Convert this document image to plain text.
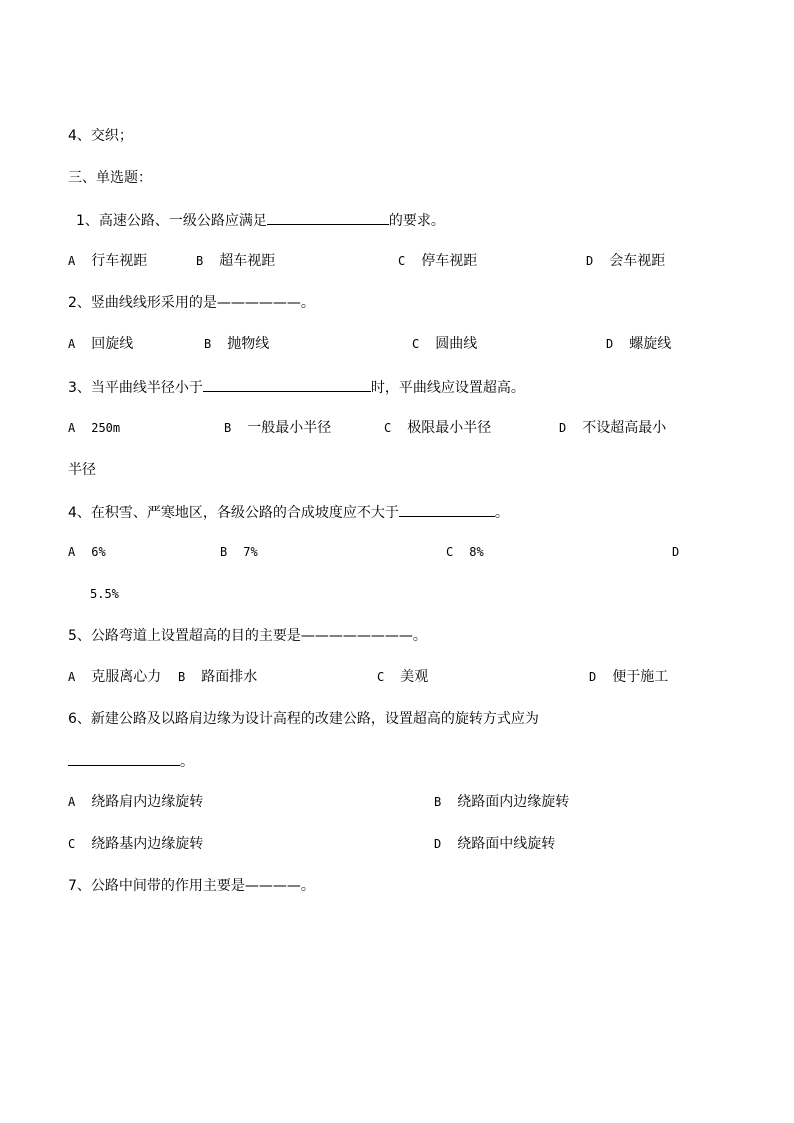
4、交织；
三、单选题：
1、高速公路、一级公路应满足	的要求。
A 行车视距	B 超车视距	C 停车视距	D 会车视距
2、竖曲线线形采用的是——————。
A 回旋线	B 抛物线	C 圆曲线	D 螺旋线
3、当平曲线半径小于	时，平曲线应设置超高。
A 250m	B 一般最小半径	C 极限最小半径	D 不设超高最小
半径
4、在积雪、严寒地区，各级公路的合成坡度应不大于	。
A 6%	B 7%	C 8%	D
5.5%
5、公路弯道上设置超高的目的主要是————————。
A 克服离心力 B 路面排水	C 美观	D 便于施工
6、新建公路及以路肩边缘为设计高程的改建公路，设置超高的旋转方式应为
。
A 绕路肩内边缘旋转	B 绕路面内边缘旋转
C 绕路基内边缘旋转	D 绕路面中线旋转
7、公路中间带的作用主要是————。
